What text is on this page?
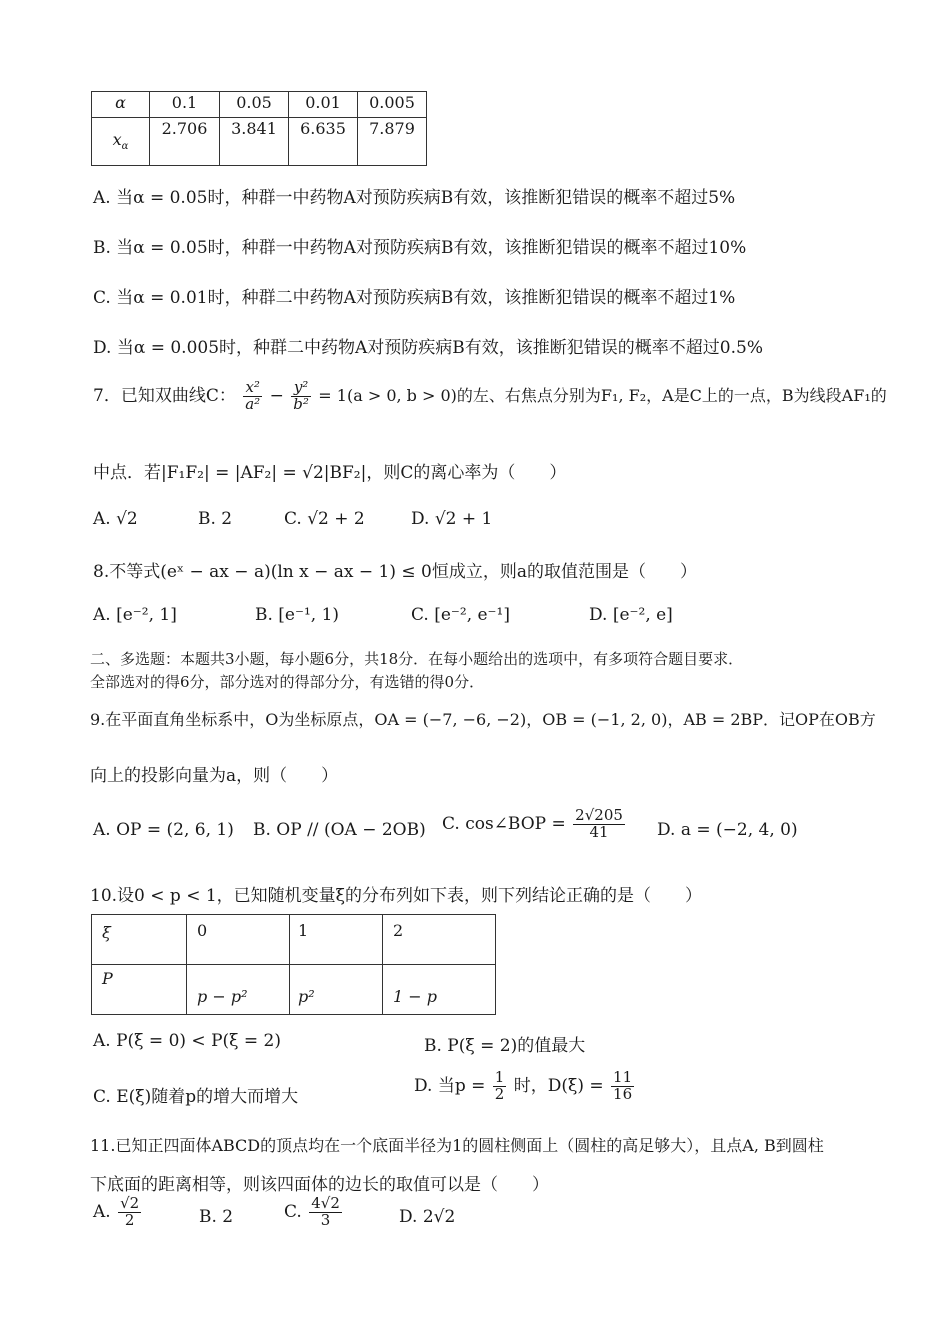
α	0.1	0.05	0.01	0.005
$x_\alpha$	2.706	3.841	6.635	7.879
A. 当α = 0.05时，种群一中药物A对预防疾病B有效，该推断犯错误的概率不超过5%
B. 当α = 0.05时，种群一中药物A对预防疾病B有效，该推断犯错误的概率不超过10%
C. 当α = 0.01时，种群二中药物A对预防疾病B有效，该推断犯错误的概率不超过1%
D. 当α = 0.005时，种群二中药物A对预防疾病B有效，该推断犯错误的概率不超过0.5%
7．已知双曲线C： $\frac{\text{x²}}{\text{a²}} - \frac{\text{y²}}{\text{b²}} = 1(a > 0$, b > 0)的左、右焦点分别为F₁, F₂，A是C上的一点，B为线段AF₁的
中点．若|F₁F₂| = |AF₂| = √2|BF₂|，则C的离心率为（　　）
A. √2	B. 2	C. √2 + 2	D. √2 + 1
8.不等式(eˣ − ax − a)(ln x − ax − 1) ≤ 0恒成立，则a的取值范围是（　　）
A. [e⁻², 1]	B. [e⁻¹, 1)	C. [e⁻², e⁻¹]	D. [e⁻², e]
二、多选题：本题共3小题，每小题6分，共18分．在每小题给出的选项中，有多项符合题目要求．
全部选对的得6分，部分选对的得部分分，有选错的得0分．
9.在平面直角坐标系中，O为坐标原点，OA = (−7, −6, −2)，OB = (−1, 2, 0)，AB = 2BP．记OP在OB方
向上的投影向量为a，则（　　）
A. OP = (2, 6, 1) B. OP // (OA − 2OB) C. cos∠BOP = $\frac{2√205}{41} D$. a = (−2, 4, 0)
10.设0 < p < 1，已知随机变量ξ的分布列如下表，则下列结论正确的是（　　）
ξ	0	1	2
P	p − p²	p²	1 − p
A. P(ξ = 0) < P(ξ = 2)	B. P(ξ = 2)的值最大
C. E(ξ)随着p的增大而增大
D. 当$p = \frac{1}{2}$ 时，$D(\xi) = \frac{11}{16}$
11.已知正四面体ABCD的顶点均在一个底面半径为1的圆柱侧面上（圆柱的高足够大），且点A, B到圆柱
下底面的距离相等，则该四面体的边长的取值可以是（　　）
A. $\frac{√2}{2}$	B. 2	C. $\frac{4√2}{3}$	D. 2√2
